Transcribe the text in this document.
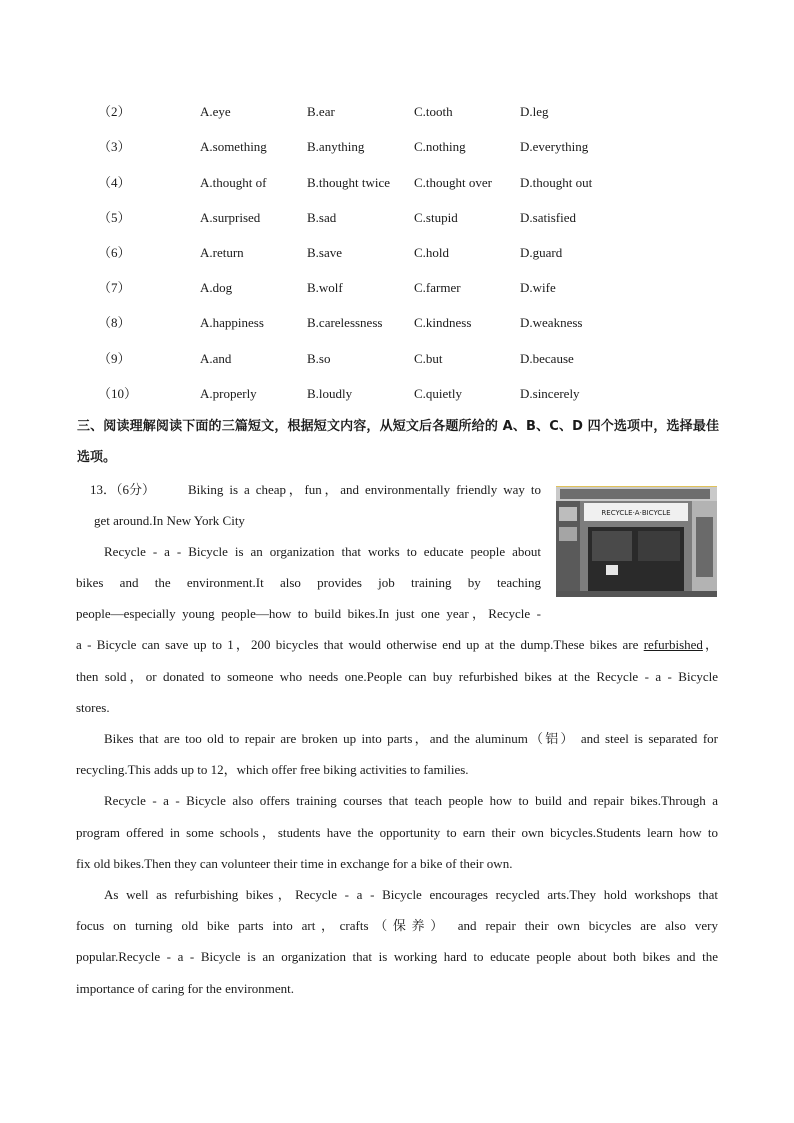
（2）	A.eye	B.ear	C.tooth	D.leg
（3）	A.something	B.anything	C.nothing	D.everything
（4）	A.thought of	B.thought twice C.thought over D.thought out
（5）	A.surprised	B.sad	C.stupid	D.satisfied
（6）	A.return	B.save	C.hold	D.guard
（7）	A.dog	B.wolf	C.farmer	D.wife
（8）	A.happiness	B.carelessness C.kindness	D.weakness
（9）	A.and	B.so	C.but	D.because
（10）	A.properly	B.loudly	C.quietly	D.sincerely
三、阅读理解阅读下面的三篇短文，根据短文内容，从短文后各题所给的 A、B、C、D 四个选项中，选择最佳选项。
RECYCLE·A·BICYCLE
13．（6分）	Biking is a cheap，fun，and environmentally friendly way to
get around.In New York City
Recycle - a - Bicycle is an organization that works to educate people about
bikes and the environment.It also provides job training by teaching
people—especially young people—how to build bikes.In just one year，Recycle -
a - Bicycle can save up to 1，200 bicycles that would otherwise end up at the dump.These bikes are refurbished，
then sold，or donated to someone who needs one.People can buy refurbished bikes at the Recycle - a - Bicycle
stores.
Bikes that are too old to repair are broken up into parts，and the aluminum（铝） and steel is separated for
recycling.This adds up to 12，which offer free biking activities to families.
Recycle - a - Bicycle also offers training courses that teach people how to build and repair bikes.Through a
program offered in some schools，students have the opportunity to earn their own bicycles.Students learn how to
fix old bikes.Then they can volunteer their time in exchange for a bike of their own.
As well as refurbishing bikes，Recycle - a - Bicycle encourages recycled arts.They hold workshops that
focus on turning old bike parts into art，crafts（保养） and repair their own bicycles are also very
popular.Recycle - a - Bicycle is an organization that is working hard to educate people about both bikes and the
importance of caring for the environment.
